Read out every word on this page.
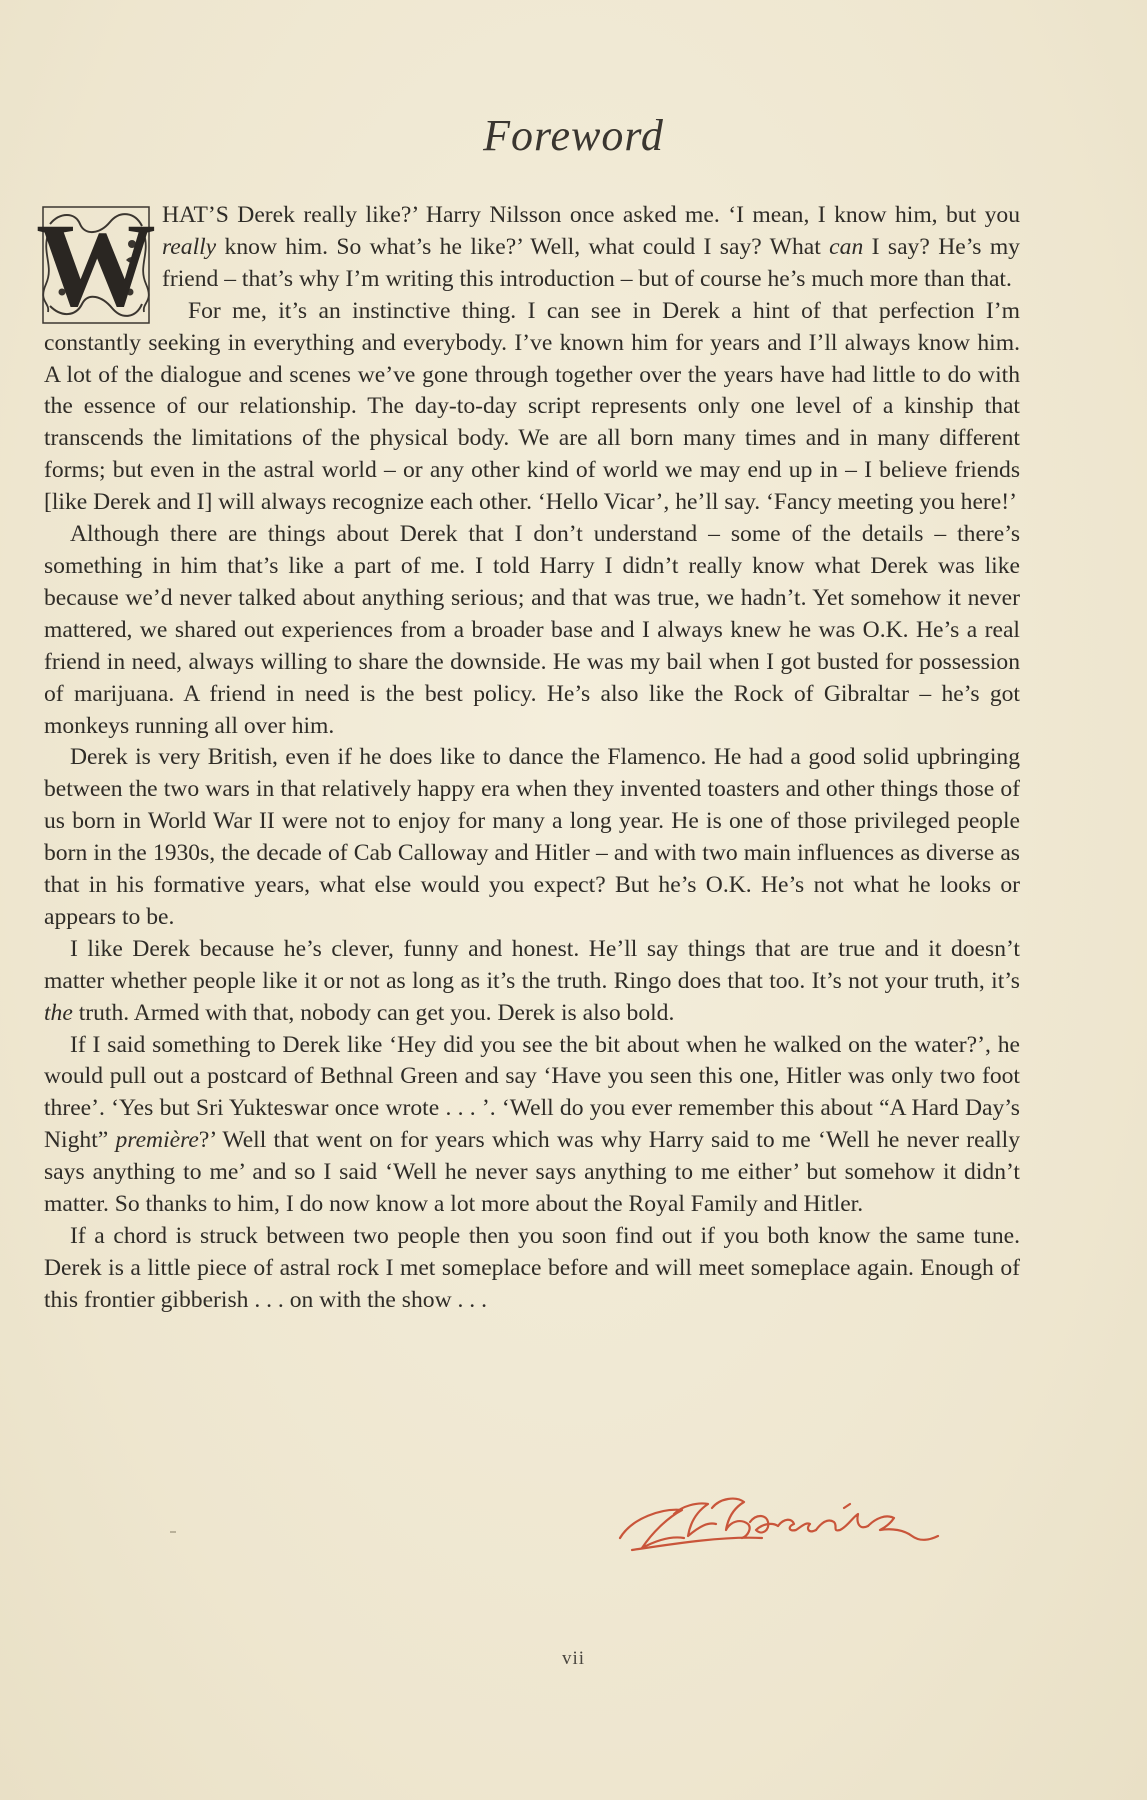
Foreword

W HAT’S Derek really like?’ Harry Nilsson once asked me. ‘I mean, I know him, but you really know him. So what’s he like?’ Well, what could I say? What can I say? He’s my friend – that’s why I’m writing this introduction – but of course he’s much more than that.

For me, it’s an instinctive thing. I can see in Derek a hint of that perfection I’m constantly seeking in everything and everybody. I’ve known him for years and I’ll always know him. A lot of the dialogue and scenes we’ve gone through together over the years have had little to do with the essence of our relationship. The day-to-day script represents only one level of a kinship that transcends the limitations of the physical body. We are all born many times and in many different forms; but even in the astral world – or any other kind of world we may end up in – I believe friends [like Derek and I] will always recognize each other. ‘Hello Vicar’, he’ll say. ‘Fancy meeting you here!’

Although there are things about Derek that I don’t understand – some of the details – there’s something in him that’s like a part of me. I told Harry I didn’t really know what Derek was like because we’d never talked about anything serious; and that was true, we hadn’t. Yet somehow it never mattered, we shared out experiences from a broader base and I always knew he was O.K. He’s a real friend in need, always willing to share the downside. He was my bail when I got busted for possession of marijuana. A friend in need is the best policy. He’s also like the Rock of Gibraltar – he’s got monkeys running all over him.

Derek is very British, even if he does like to dance the Flamenco. He had a good solid upbringing between the two wars in that relatively happy era when they invented toasters and other things those of us born in World War II were not to enjoy for many a long year. He is one of those privileged people born in the 1930s, the decade of Cab Calloway and Hitler – and with two main influences as diverse as that in his formative years, what else would you expect? But he’s O.K. He’s not what he looks or appears to be.

I like Derek because he’s clever, funny and honest. He’ll say things that are true and it doesn’t matter whether people like it or not as long as it’s the truth. Ringo does that too. It’s not your truth, it’s the truth. Armed with that, nobody can get you. Derek is also bold.

If I said something to Derek like ‘Hey did you see the bit about when he walked on the water?’, he would pull out a postcard of Bethnal Green and say ‘Have you seen this one, Hitler was only two foot three’. ‘Yes but Sri Yukteswar once wrote . . . ’. ‘Well do you ever remember this about “A Hard Day’s Night” première?’ Well that went on for years which was why Harry said to me ‘Well he never really says anything to me’ and so I said ‘Well he never says anything to me either’ but somehow it didn’t matter. So thanks to him, I do now know a lot more about the Royal Family and Hitler.

If a chord is struck between two people then you soon find out if you both know the same tune. Derek is a little piece of astral rock I met someplace before and will meet someplace again. Enough of this frontier gibberish . . . on with the show . . .

vii
